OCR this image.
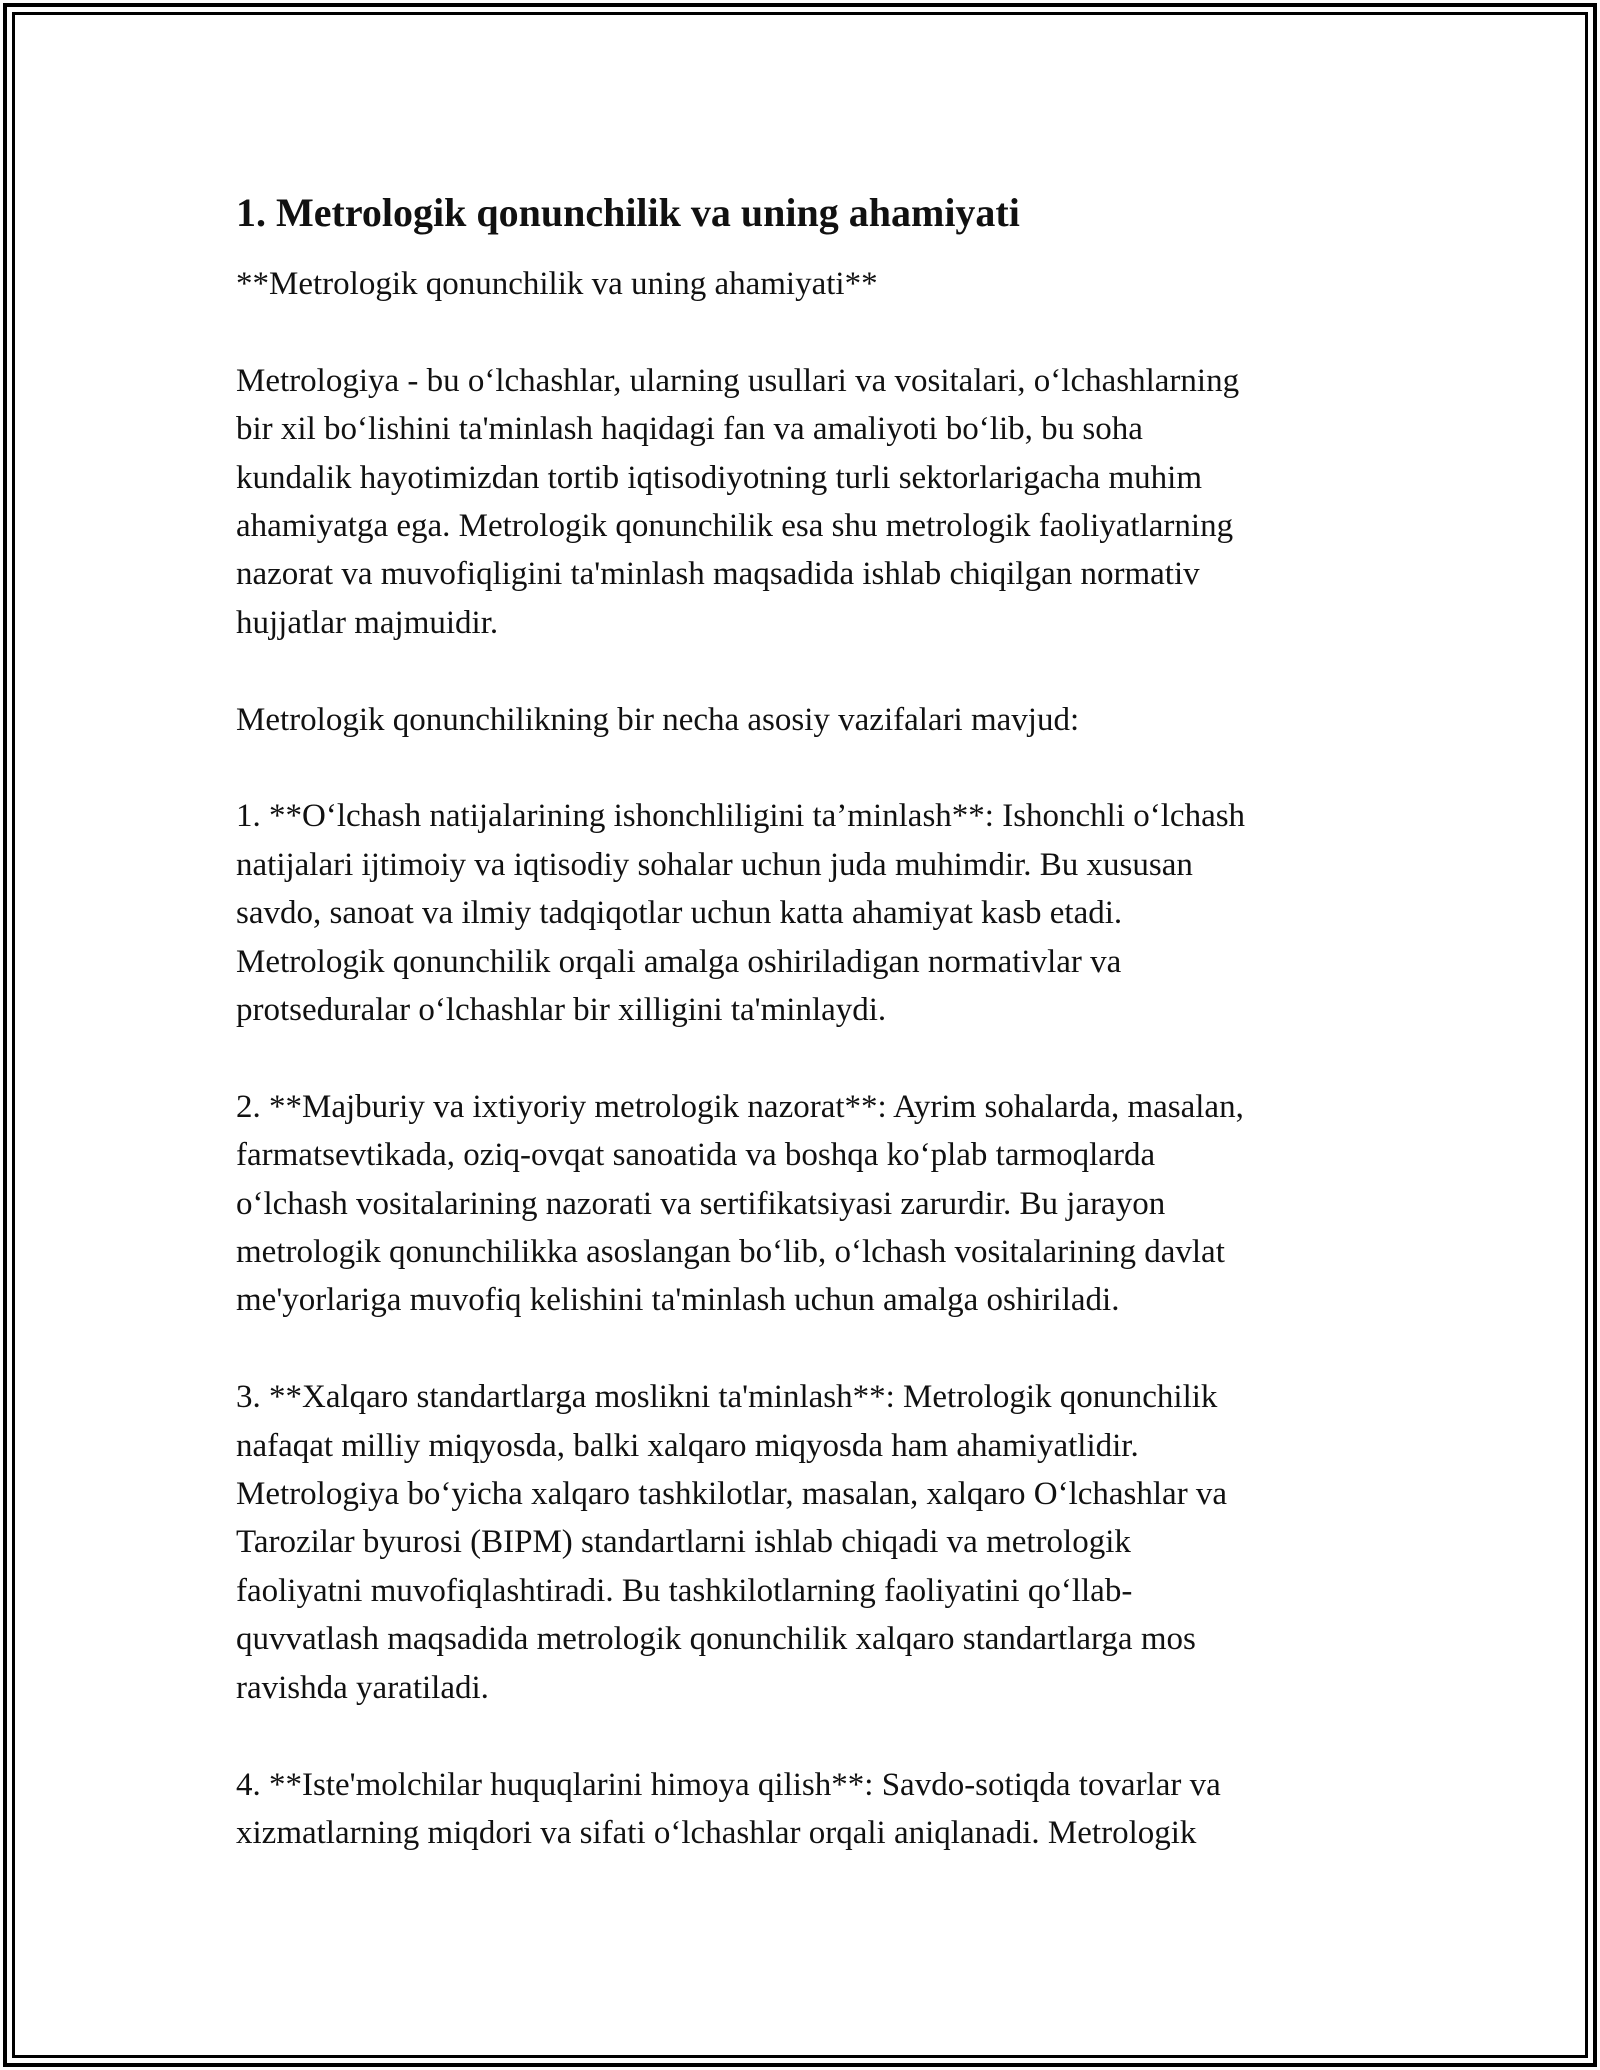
1. Metrologik qonunchilik va uning ahamiyati

**Metrologik qonunchilik va uning ahamiyati**

Metrologiya - bu oʻlchashlar, ularning usullari va vositalari, oʻlchashlarning

bir xil boʻlishini ta'minlash haqidagi fan va amaliyoti boʻlib, bu soha

kundalik hayotimizdan tortib iqtisodiyotning turli sektorlarigacha muhim

ahamiyatga ega. Metrologik qonunchilik esa shu metrologik faoliyatlarning

nazorat va muvofiqligini ta'minlash maqsadida ishlab chiqilgan normativ

hujjatlar majmuidir.

Metrologik qonunchilikning bir necha asosiy vazifalari mavjud:

1. **Oʻlchash natijalarining ishonchliligini ta’minlash**: Ishonchli oʻlchash

natijalari ijtimoiy va iqtisodiy sohalar uchun juda muhimdir. Bu xususan

savdo, sanoat va ilmiy tadqiqotlar uchun katta ahamiyat kasb etadi.

Metrologik qonunchilik orqali amalga oshiriladigan normativlar va

protseduralar oʻlchashlar bir xilligini ta'minlaydi.

2. **Majburiy va ixtiyoriy metrologik nazorat**: Ayrim sohalarda, masalan,

farmatsevtikada, oziq-ovqat sanoatida va boshqa koʻplab tarmoqlarda

oʻlchash vositalarining nazorati va sertifikatsiyasi zarurdir. Bu jarayon

metrologik qonunchilikka asoslangan boʻlib, oʻlchash vositalarining davlat

me'yorlariga muvofiq kelishini ta'minlash uchun amalga oshiriladi.

3. **Xalqaro standartlarga moslikni ta'minlash**: Metrologik qonunchilik

nafaqat milliy miqyosda, balki xalqaro miqyosda ham ahamiyatlidir.

Metrologiya boʻyicha xalqaro tashkilotlar, masalan, xalqaro Oʻlchashlar va

Tarozilar byurosi (BIPM) standartlarni ishlab chiqadi va metrologik

faoliyatni muvofiqlashtiradi. Bu tashkilotlarning faoliyatini qoʻllab-

quvvatlash maqsadida metrologik qonunchilik xalqaro standartlarga mos

ravishda yaratiladi.

4. **Iste'molchilar huquqlarini himoya qilish**: Savdo-sotiqda tovarlar va

xizmatlarning miqdori va sifati oʻlchashlar orqali aniqlanadi. Metrologik
